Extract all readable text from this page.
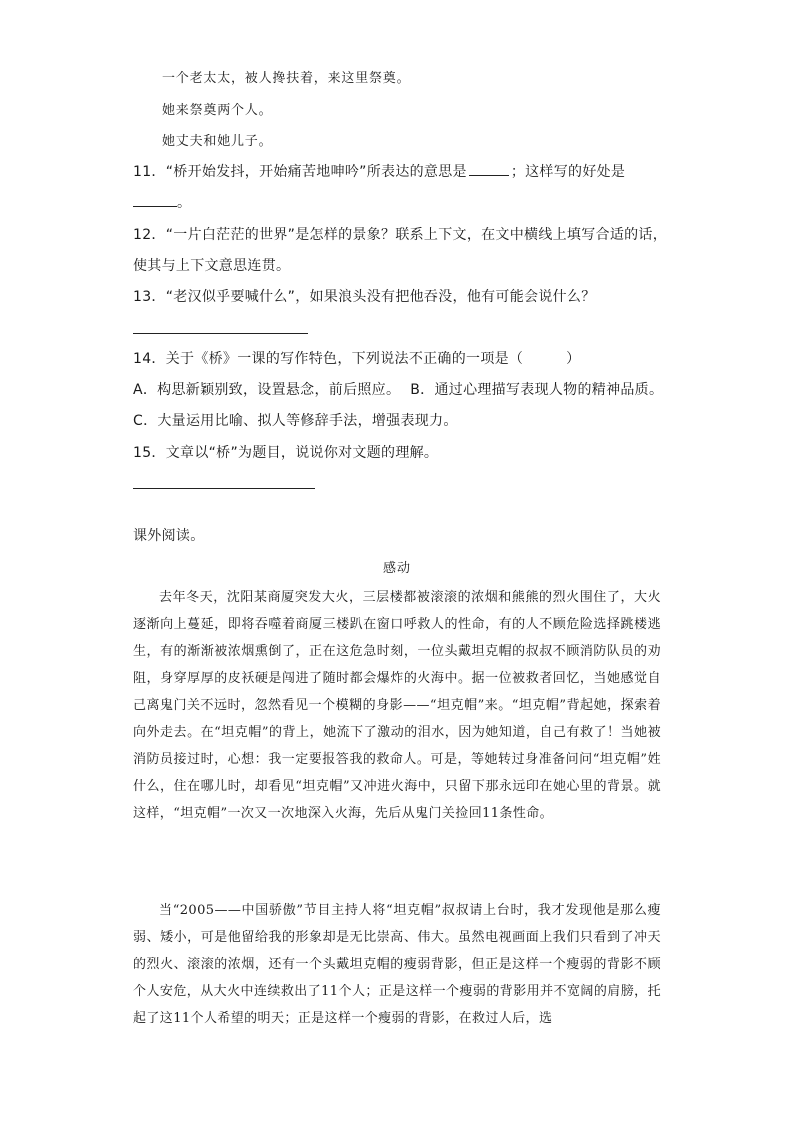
一个老太太，被人搀扶着，来这里祭奠。
她来祭奠两个人。
她丈夫和她儿子。
11．“桥开始发抖，开始痛苦地呻吟”所表达的意思是	；这样写的好处是
。
12．“一片白茫茫的世界”是怎样的景象？联系上下文，在文中横线上填写合适的话，
使其与上下文意思连贯。
13．“老汉似乎要喊什么”，如果浪头没有把他吞没，他有可能会说什么？
14．关于《桥》一课的写作特色，下列说法不正确的一项是（　　　）
A．构思新颖别致，设置悬念，前后照应。 B．通过心理描写表现人物的精神品质。
C．大量运用比喻、拟人等修辞手法，增强表现力。
15．文章以“桥”为题目，说说你对文题的理解。
课外阅读。
感动
去年冬天，沈阳某商厦突发大火，三层楼都被滚滚的浓烟和熊熊的烈火围住了，大火逐渐向上蔓延，即将吞噬着商厦三楼趴在窗口呼救人的性命，有的人不顾危险选择跳楼逃生，有的渐渐被浓烟熏倒了，正在这危急时刻，一位头戴坦克帽的叔叔不顾消防队员的劝阻，身穿厚厚的皮袄硬是闯进了随时都会爆炸的火海中。据一位被救者回忆，当她感觉自己离鬼门关不远时，忽然看见一个模糊的身影——“坦克帽”来。“坦克帽”背起她，探索着向外走去。在“坦克帽”的背上，她流下了激动的泪水，因为她知道，自己有救了！当她被消防员接过时，心想：我一定要报答我的救命人。可是，等她转过身准备问问“坦克帽”姓什么，住在哪儿时，却看见“坦克帽”又冲进火海中，只留下那永远印在她心里的背景。就这样，“坦克帽”一次又一次地深入火海，先后从鬼门关捡回11条性命。
当“2005——中国骄傲”节目主持人将“坦克帽”叔叔请上台时，我才发现他是那么瘦弱、矮小，可是他留给我的形象却是无比崇高、伟大。虽然电视画面上我们只看到了冲天的烈火、滚滚的浓烟，还有一个头戴坦克帽的瘦弱背影，但正是这样一个瘦弱的背影不顾个人安危，从大火中连续救出了11个人；正是这样一个瘦弱的背影用并不宽阔的肩膀，托起了这11个人希望的明天；正是这样一个瘦弱的背影，在救过人后，选
